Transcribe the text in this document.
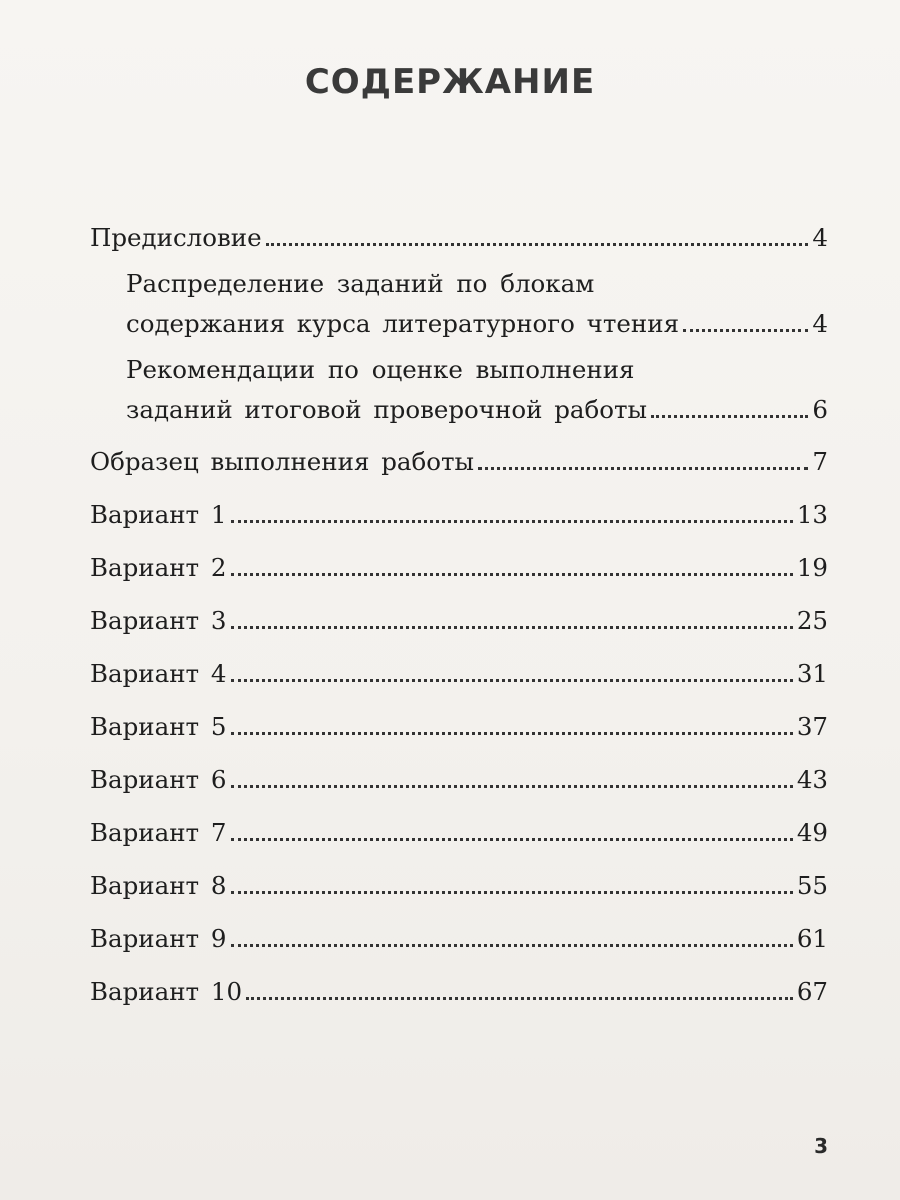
СОДЕРЖАНИЕ
Предисловие	4
Распределение заданий по блокам
содержания курса литературного чтения	4
Рекомендации по оценке выполнения
заданий итоговой проверочной работы	6
Образец выполнения работы	7
Вариант 1	13
Вариант 2	19
Вариант 3	25
Вариант 4	31
Вариант 5	37
Вариант 6	43
Вариант 7	49
Вариант 8	55
Вариант 9	61
Вариант 10	67
3
